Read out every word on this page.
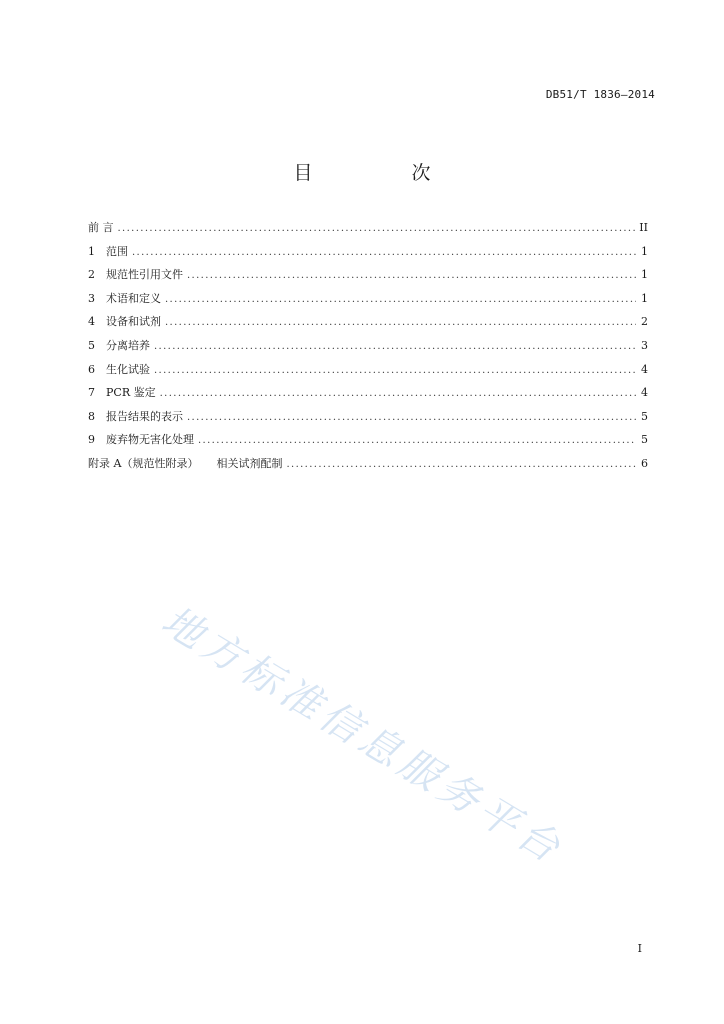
DB51/T 1836—2014
目　次
前 言 . . .	II
1	范围 . . .	1
2	规范性引用文件 . . .	1
3	术语和定义 . . .	1
4	设备和试剂 . . .	2
5	分离培养 . . .	3
6	生化试验 . . .	4
7	PCR 鉴定 . . .	4
8	报告结果的表示 . . .	5
9	废弃物无害化处理 . . .	5
附录 A（规范性附录） 相关试剂配制 . . .	6
地方标准信息服务平台
I
